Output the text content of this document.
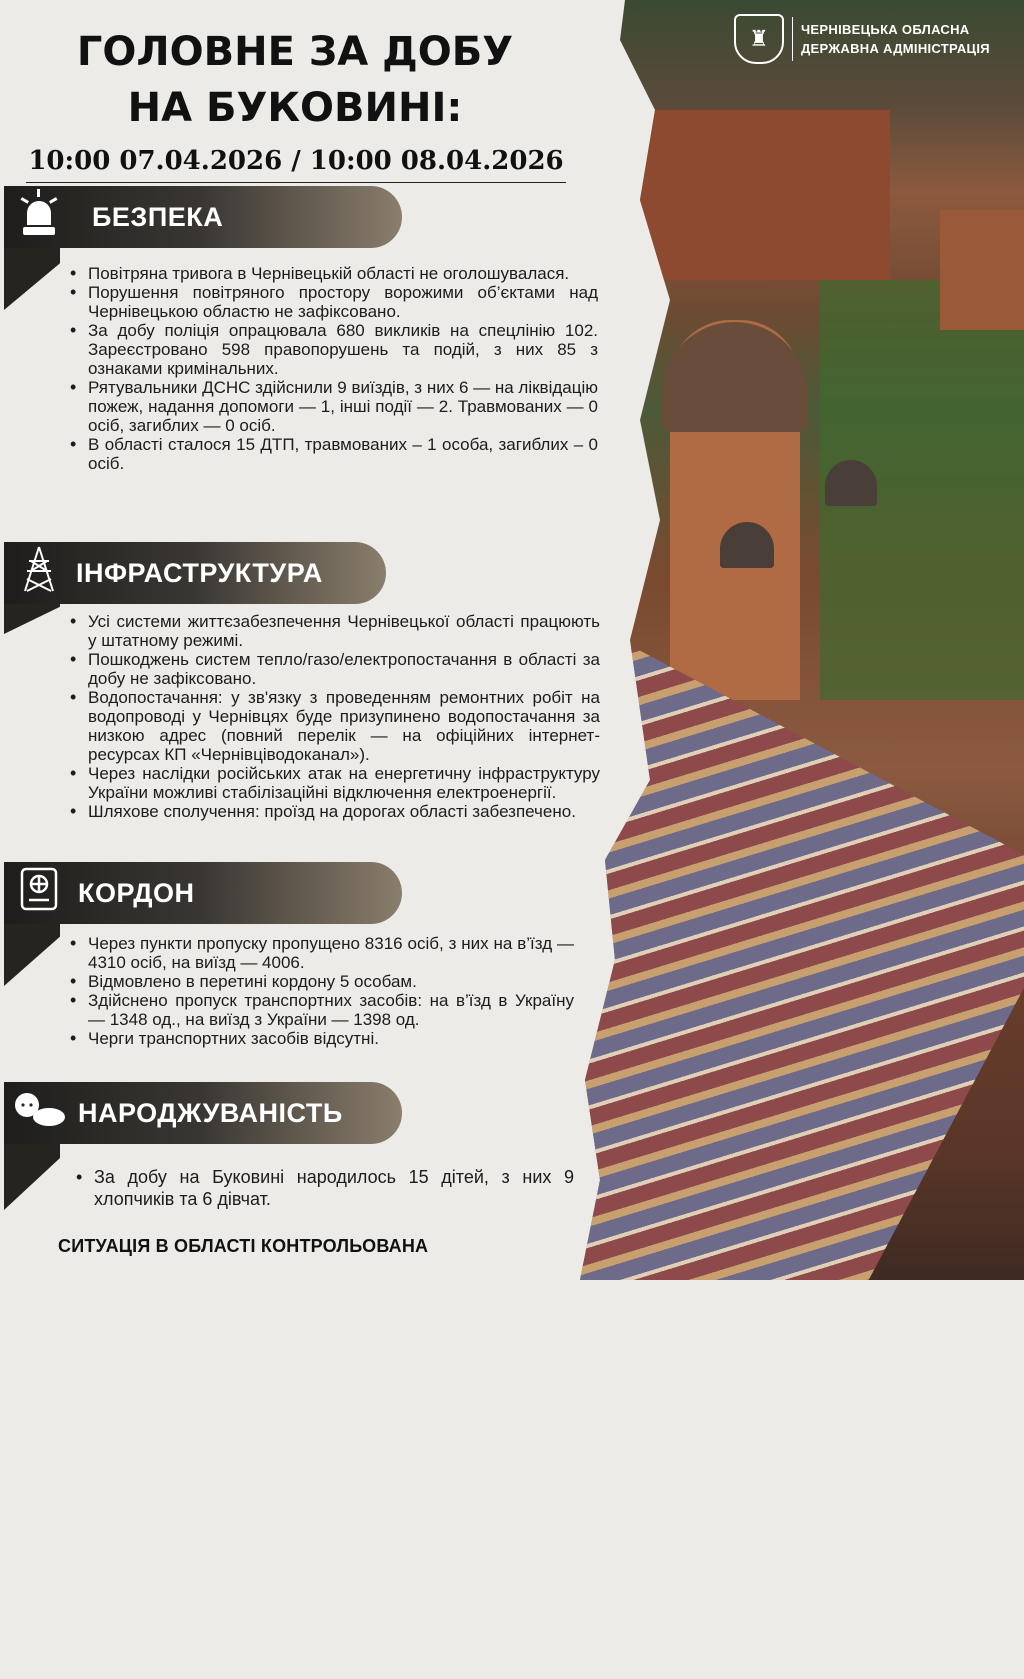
♜	ЧЕРНІВЕЦЬКА ОБЛАСНА
ДЕРЖАВНА АДМІНІСТРАЦІЯ
ГОЛОВНЕ ЗА ДОБУ
НА БУКОВИНІ:
10:00 07.04.2026 / 10:00 08.04.2026
БЕЗПЕКА
• Повітряна тривога в Чернівецькій області не оголошувалася.
• Порушення повітряного простору ворожими об’єктами над Чернівецькою областю не зафіксовано.
• За добу поліція опрацювала 680 викликів на спецлінію 102. Зареєстровано 598 правопорушень та подій, з них 85 з ознаками кримінальних.
• Рятувальники ДСНС здійснили 9 виїздів, з них 6 — на ліквідацію пожеж, надання допомоги — 1, інші події — 2. Травмованих — 0 осіб, загиблих — 0 осіб.
• В області сталося 15 ДТП, травмованих – 1 особа, загиблих – 0 осіб.
ІНФРАСТРУКТУРА
• Усі системи життєзабезпечення Чернівецької області працюють у штатному режимі.
• Пошкоджень систем тепло/газо/електропостачання в області за добу не зафіксовано.
• Водопостачання: у зв'язку з проведенням ремонтних робіт на водопроводі у Чернівцях буде призупинено водопостачання за низкою адрес (повний перелік — на офіційних інтернет-ресурсах КП «Чернівціводоканал»).
• Через наслідки російських атак на енергетичну інфраструктуру України можливі стабілізаційні відключення електроенергії.
• Шляхове сполучення: проїзд на дорогах області забезпечено.
КОРДОН
• Через пункти пропуску пропущено 8316 осіб, з них на в’їзд — 4310 осіб, на виїзд — 4006.
• Відмовлено в перетині кордону 5 особам.
• Здійснено пропуск транспортних засобів: на в’їзд в Україну — 1348 од., на виїзд з України — 1398 од.
• Черги транспортних засобів відсутні.
НАРОДЖУВАНІСТЬ
• За добу на Буковині народилось 15 дітей, з них 9 хлопчиків та 6 дівчат.
СИТУАЦІЯ В ОБЛАСТІ КОНТРОЛЬОВАНА
